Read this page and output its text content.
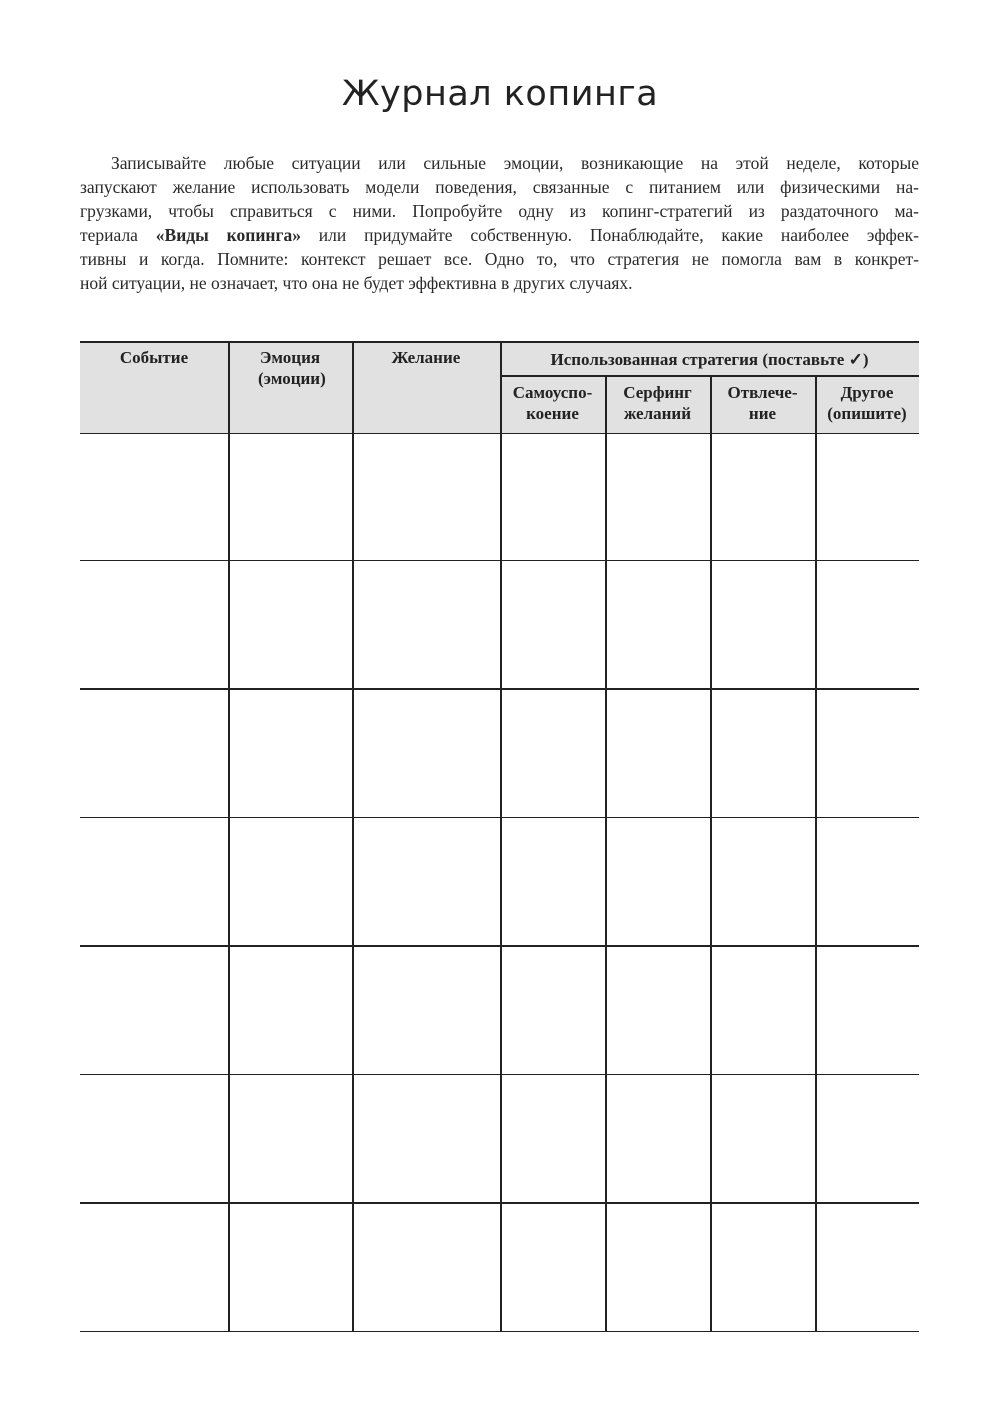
Журнал копинга
Записывайте любые ситуации или сильные эмоции, возникающие на этой неделе, которые
запускают желание использовать модели поведения, связанные с питанием или физическими на-
грузками, чтобы справиться с ними. Попробуйте одну из копинг-стратегий из раздаточного ма-
териала «Виды копинга» или придумайте собственную. Понаблюдайте, какие наиболее эффек-
тивны и когда. Помните: контекст решает все. Одно то, что стратегия не помогла вам в конкрет-
ной ситуации, не означает, что она не будет эффективна в других случаях.
Событие	Эмоция (эмоции)
Желание	Использованная стратегия (поставьте ✓)
Самоуспо-
коение
Серфинг
желаний
Отвлече-
ние
Другое
(опишите)
